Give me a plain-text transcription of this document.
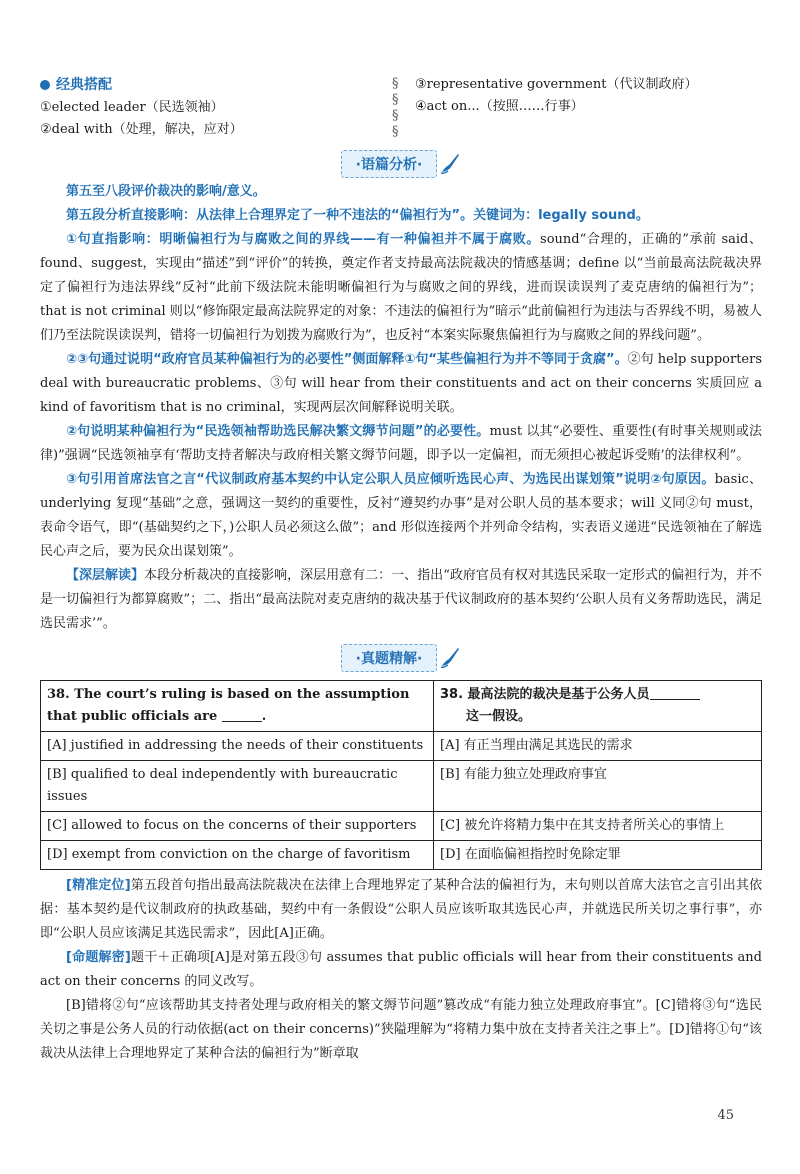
经典搭配
①elected leader（民选领袖）
②deal with（处理，解决，应对）
§
§
§
§
③representative government（代议制政府）
④act on...（按照……行事）
·语篇分析·

第五至八段评价裁决的影响/意义。

第五段分析直接影响：从法律上合理界定了一种不违法的“偏袒行为”。关键词为：legally sound。

①句直指影响：明晰偏袒行为与腐败之间的界线——有一种偏袒并不属于腐败。sound“合理的，正确的”承前 said、found、suggest，实现由“描述”到“评价”的转换，奠定作者支持最高法院裁决的情感基调；define 以“当前最高法院裁决界定了偏袒行为违法界线”反衬“此前下级法院未能明晰偏袒行为与腐败之间的界线，进而误读误判了麦克唐纳的偏袒行为”；that is not criminal 则以“修饰限定最高法院界定的对象：不违法的偏袒行为”暗示“此前偏袒行为违法与否界线不明，易被人们乃至法院误读误判，错将一切偏袒行为划拨为腐败行为”，也反衬“本案实际聚焦偏袒行为与腐败之间的界线问题”。

②③句通过说明“政府官员某种偏袒行为的必要性”侧面解释①句“某些偏袒行为并不等同于贪腐”。②句 help supporters deal with bureaucratic problems、③句 will hear from their constituents and act on their concerns 实质回应 a kind of favoritism that is no criminal，实现两层次间解释说明关联。

②句说明某种偏袒行为“民选领袖帮助选民解决繁文缛节问题”的必要性。must 以其“必要性、重要性(有时事关规则或法律)”强调“民选领袖享有‘帮助支持者解决与政府相关繁文缛节问题，即予以一定偏袒，而无须担心被起诉受贿’的法律权利”。

③句引用首席法官之言“代议制政府基本契约中认定公职人员应倾听选民心声、为选民出谋划策”说明②句原因。basic、underlying 复现“基础”之意，强调这一契约的重要性，反衬“遵契约办事”是对公职人员的基本要求；will 义同②句 must，表命令语气，即“(基础契约之下，)公职人员必须这么做”；and 形似连接两个并列命令结构，实表语义递进“民选领袖在了解选民心声之后，要为民众出谋划策”。

【深层解读】本段分析裁决的直接影响，深层用意有二：一、指出“政府官员有权对其选民采取一定形式的偏袒行为，并不是一切偏袒行为都算腐败”；二、指出“最高法院对麦克唐纳的裁决基于代议制政府的基本契约‘公职人员有义务帮助选民，满足选民需求’”。

·真题精解·
38. The court’s ruling is based on the assumption that public officials are .	38. 最高法院的裁决是基于公务人员
这一假设。
[A] justified in addressing the needs of their constituents	[A] 有正当理由满足其选民的需求
[B] qualified to deal independently with bureaucratic issues	[B] 有能力独立处理政府事宜
[C] allowed to focus on the concerns of their supporters	[C] 被允许将精力集中在其支持者所关心的事情上
[D] exempt from conviction on the charge of favoritism	[D] 在面临偏袒指控时免除定罪

[精准定位]第五段首句指出最高法院裁决在法律上合理地界定了某种合法的偏袒行为，末句则以首席大法官之言引出其依据：基本契约是代议制政府的执政基础，契约中有一条假设“公职人员应该听取其选民心声，并就选民所关切之事行事”，亦即“公职人员应该满足其选民需求”，因此[A]正确。

[命题解密]题干＋正确项[A]是对第五段③句 assumes that public officials will hear from their constituents and act on their concerns 的同义改写。

[B]错将②句“应该帮助其支持者处理与政府相关的繁文缛节问题”篡改成“有能力独立处理政府事宜”。[C]错将③句“选民关切之事是公务人员的行动依据(act on their concerns)”狭隘理解为“将精力集中放在支持者关注之事上”。[D]错将①句“该裁决从法律上合理地界定了某种合法的偏袒行为”断章取

45
